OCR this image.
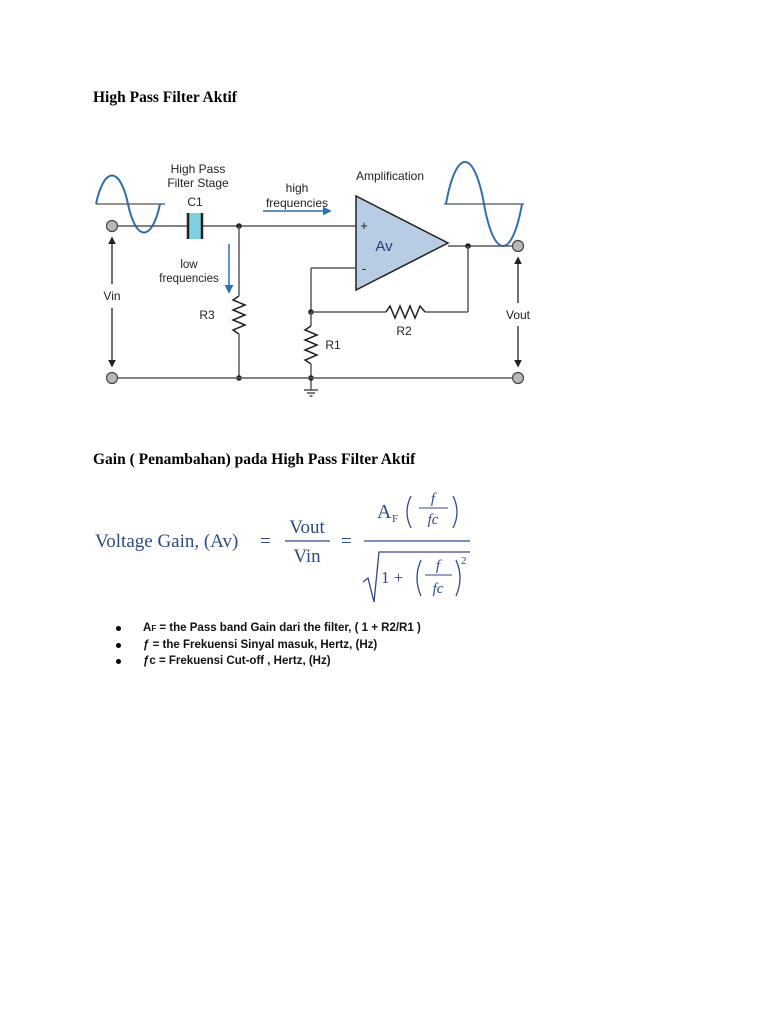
High Pass Filter Aktif
High Pass
Filter Stage
C1
high
frequencies
Amplification
Av
+
-
low
frequencies
Vin
R3
R1
R2
Vout
Gain ( Penambahan) pada High Pass Filter Aktif
Voltage Gain, (Av) =
Vout
Vin
=
A F
f
fc
1 +
f
fc
2
AF = the Pass band Gain dari the filter, ( 1 + R2/R1 )
ƒ = the Frekuensi Sinyal masuk, Hertz, (Hz)
ƒc = Frekuensi Cut-off , Hertz, (Hz)
